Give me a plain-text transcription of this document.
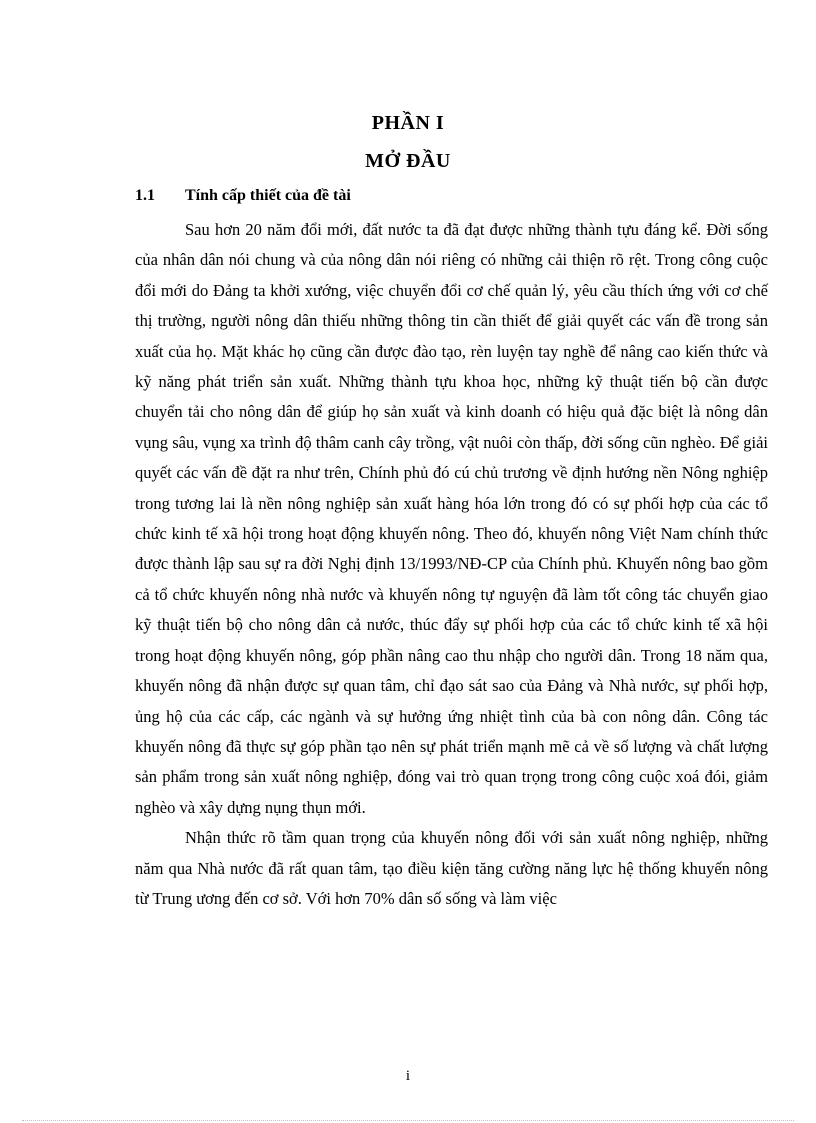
PHẦN I
MỞ ĐẦU
1.1 Tính cấp thiết của đề tài

Sau hơn 20 năm đổi mới, đất nước ta đã đạt được những thành tựu đáng kể. Đời sống của nhân dân nói chung và của nông dân nói riêng có những cải thiện rõ rệt. Trong công cuộc đổi mới do Đảng ta khởi xướng, việc chuyển đổi cơ chế quản lý, yêu cầu thích ứng với cơ chế thị trường, người nông dân thiếu những thông tin cần thiết để giải quyết các vấn đề trong sản xuất của họ. Mặt khác họ cũng cần được đào tạo, rèn luyện tay nghề để nâng cao kiến thức và kỹ năng phát triển sản xuất. Những thành tựu khoa học, những kỹ thuật tiến bộ cần được chuyển tải cho nông dân để giúp họ sản xuất và kinh doanh có hiệu quả đặc biệt là nông dân vụng sâu, vụng xa trình độ thâm canh cây trồng, vật nuôi còn thấp, đời sống cũn nghèo. Để giải quyết các vấn đề đặt ra như trên, Chính phủ đó cú chủ trương về định hướng nền Nông nghiệp trong tương lai là nền nông nghiệp sản xuất hàng hóa lớn trong đó có sự phối hợp của các tổ chức kinh tế xã hội trong hoạt động khuyến nông. Theo đó, khuyến nông Việt Nam chính thức được thành lập sau sự ra đời Nghị định 13/1993/NĐ-CP của Chính phủ. Khuyến nông bao gồm cả tổ chức khuyến nông nhà nước và khuyến nông tự nguyện đã làm tốt công tác chuyển giao kỹ thuật tiến bộ cho nông dân cả nước, thúc đẩy sự phối hợp của các tổ chức kinh tế xã hội trong hoạt động khuyến nông, góp phần nâng cao thu nhập cho người dân. Trong 18 năm qua, khuyến nông đã nhận được sự quan tâm, chỉ đạo sát sao của Đảng và Nhà nước, sự phối hợp, ủng hộ của các cấp, các ngành và sự hưởng ứng nhiệt tình của bà con nông dân. Công tác khuyến nông đã thực sự góp phần tạo nên sự phát triển mạnh mẽ cả về số lượng và chất lượng sản phẩm trong sản xuất nông nghiệp, đóng vai trò quan trọng trong công cuộc xoá đói, giảm nghèo và xây dựng nụng thụn mới.

Nhận thức rõ tầm quan trọng của khuyến nông đối với sản xuất nông nghiệp, những năm qua Nhà nước đã rất quan tâm, tạo điều kiện tăng cường năng lực hệ thống khuyến nông từ Trung ương đến cơ sở. Với hơn 70% dân số sống và làm việc

i
